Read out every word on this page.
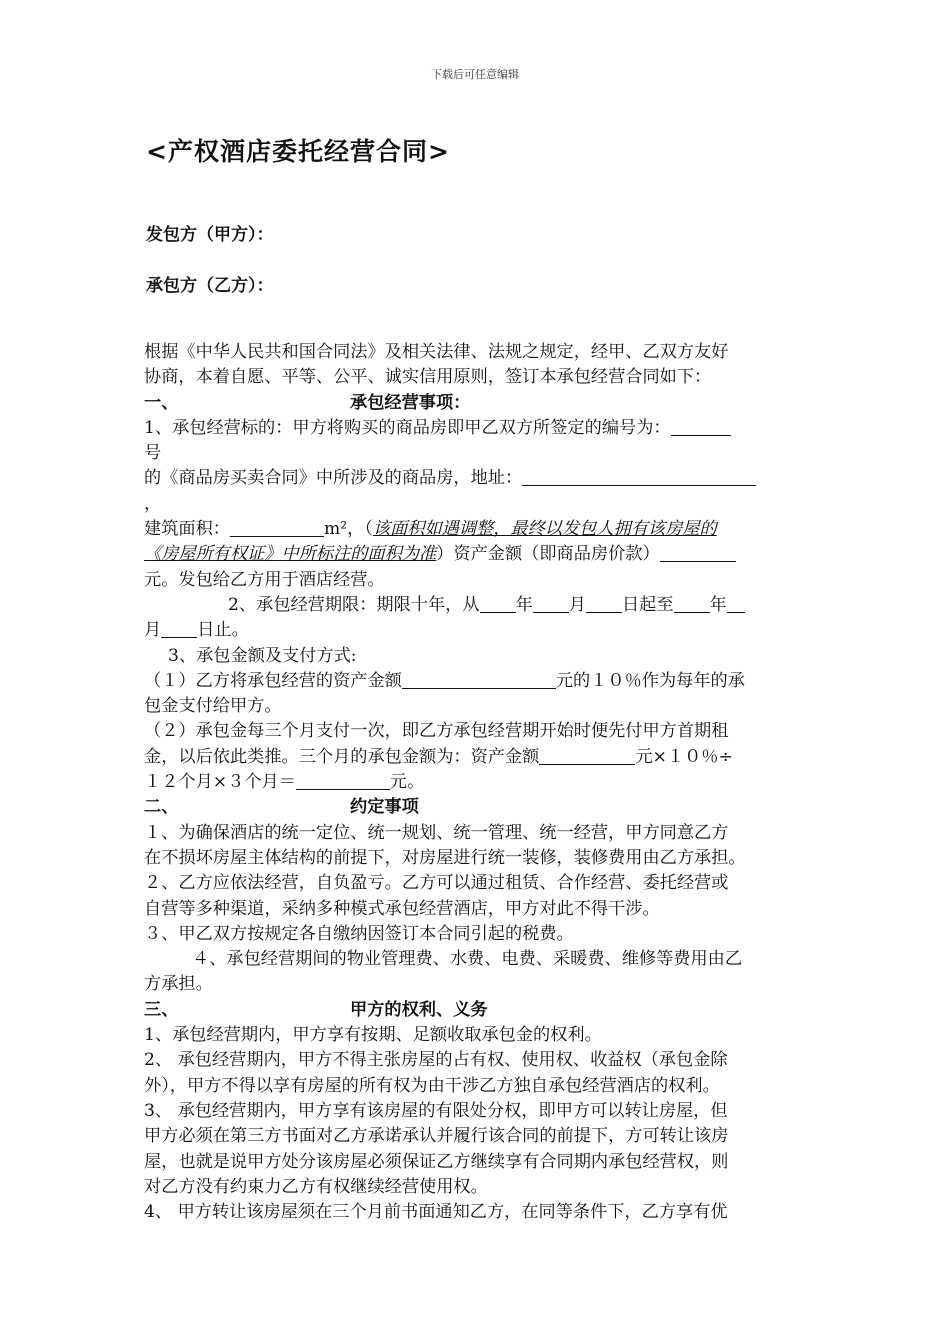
下载后可任意编辑
<产权酒店委托经营合同>
发包方（甲方）：
承包方（乙方）：
根据《中华人民共和国合同法》及相关法律、法规之规定，经甲、乙双方友好
协商，本着自愿、平等、公平、诚实信用原则，签订本承包经营合同如下：
一、	承包经营事项：
1、承包经营标的：甲方将购买的商品房即甲乙双方所签定的编号为：
号
的《商品房买卖合同》中所涉及的商品房，地址：
，
建筑面积：	m²，（该面积如遇调整，最终以发包人拥有该房屋的
《房屋所有权证》中所标注的面积为准）资产金额（即商品房价款）
元。发包给乙方用于酒店经营。
2、承包经营期限：期限十年，从 年 月 日起至 年
月 日止。
3、承包金额及支付方式:
（１）乙方将承包经营的资产金额	元的１０％作为每年的承
包金支付给甲方。
（２）承包金每三个月支付一次，即乙方承包经营期开始时便先付甲方首期租
金，以后依此类推。三个月的承包金额为：资产金额	元×１０％÷
１２个月×３个月＝	元。
二、	约定事项
１、为确保酒店的统一定位、统一规划、统一管理、统一经营，甲方同意乙方
在不损坏房屋主体结构的前提下，对房屋进行统一装修，装修费用由乙方承担。
２、乙方应依法经营，自负盈亏。乙方可以通过租赁、合作经营、委托经营或
自营等多种渠道，采纳多种模式承包经营酒店，甲方对此不得干涉。
３、甲乙双方按规定各自缴纳因签订本合同引起的税费。
４、承包经营期间的物业管理费、水费、电费、采暖费、维修等费用由乙
方承担。
三、	甲方的权利、义务
1、承包经营期内，甲方享有按期、足额收取承包金的权利。
2、 承包经营期内，甲方不得主张房屋的占有权、使用权、收益权（承包金除
外），甲方不得以享有房屋的所有权为由干涉乙方独自承包经营酒店的权利。
3、 承包经营期内，甲方享有该房屋的有限处分权，即甲方可以转让房屋，但
甲方必须在第三方书面对乙方承诺承认并履行该合同的前提下，方可转让该房
屋，也就是说甲方处分该房屋必须保证乙方继续享有合同期内承包经营权，则
对乙方没有约束力乙方有权继续经营使用权。
4、 甲方转让该房屋须在三个月前书面通知乙方，在同等条件下，乙方享有优
